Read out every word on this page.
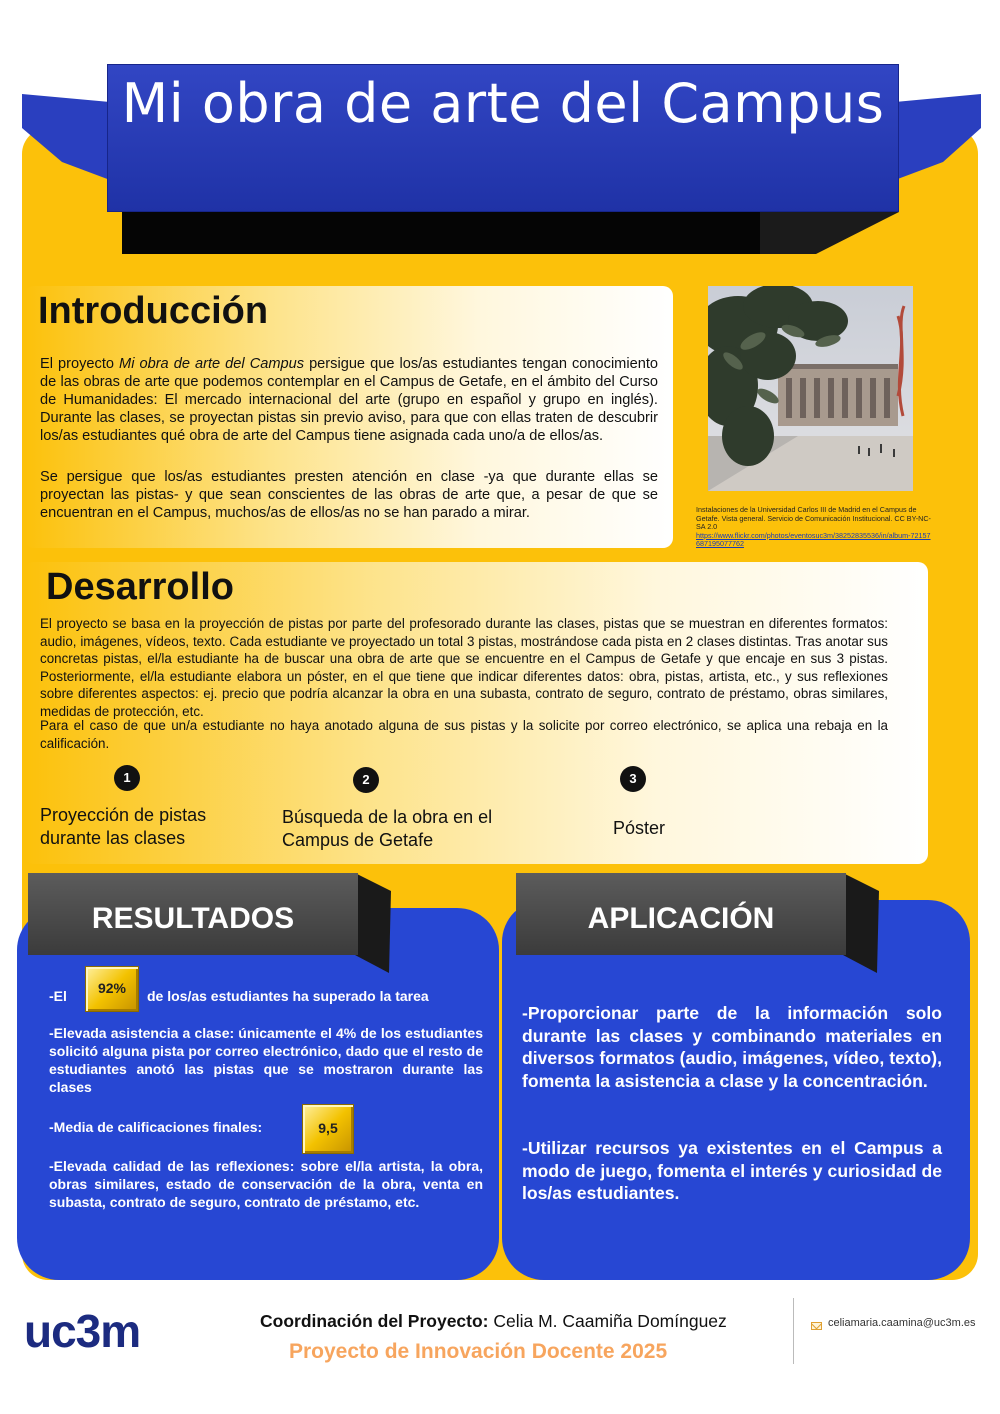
Mi obra de arte del Campus
Introducción

El proyecto Mi obra de arte del Campus persigue que los/as estudiantes tengan conocimiento de las obras de arte que podemos contemplar en el Campus de Getafe, en el ámbito del Curso de Humanidades: El mercado internacional del arte (grupo en español y grupo en inglés). Durante las clases, se proyectan pistas sin previo aviso, para que con ellas traten de descubrir los/as estudiantes qué obra de arte del Campus tiene asignada cada uno/a de ellos/as.

Se persigue que los/as estudiantes presten atención en clase -ya que durante ellas se proyectan las pistas- y que sean conscientes de las obras de arte que, a pesar de que se encuentran en el Campus, muchos/as de ellos/as no se han parado a mirar.	Instalaciones de la Universidad Carlos III de Madrid en el Campus de Getafe. Vista general. Servicio de Comunicación Institucional. CC BY-NC-SA 2.0
https://www.flickr.com/photos/eventosuc3m/38252835536/in/album-72157687195077762

Desarrollo

El proyecto se basa en la proyección de pistas por parte del profesorado durante las clases, pistas que se muestran en diferentes formatos: audio, imágenes, vídeos, texto. Cada estudiante ve proyectado un total 3 pistas, mostrándose cada pista en 2 clases distintas. Tras anotar sus concretas pistas, el/la estudiante ha de buscar una obra de arte que se encuentre en el Campus de Getafe y que encaje en sus 3 pistas. Posteriormente, el/la estudiante elabora un póster, en el que tiene que indicar diferentes datos: obra, pistas, artista, etc., y sus reflexiones sobre diferentes aspectos: ej. precio que podría alcanzar la obra en una subasta, contrato de seguro, contrato de préstamo, obras similares, medidas de protección, etc.

Para el caso de que un/a estudiante no haya anotado alguna de sus pistas y la solicite por correo electrónico, se aplica una rebaja en la calificación.

1

Proyección de pistas
durante las clases

2

Búsqueda de la obra en el
Campus de Getafe

3

Póster

RESULTADOS

-El	92%	de los/as estudiantes ha superado la tarea

-Elevada asistencia a clase: únicamente el 4% de los estudiantes solicitó alguna pista por correo electrónico, dado que el resto de estudiantes anotó las pistas que se mostraron durante las clases

-Media de calificaciones finales:	9,5

-Elevada calidad de las reflexiones: sobre el/la artista, la obra, obras similares, estado de conservación de la obra, venta en subasta, contrato de seguro, contrato de préstamo, etc.

APLICACIÓN

-Proporcionar parte de la información solo durante las clases y combinando materiales en diversos formatos (audio, imágenes, vídeo, texto), fomenta la asistencia a clase y la concentración.

-Utilizar recursos ya existentes en el Campus a modo de juego, fomenta el interés y curiosidad de los/as estudiantes.

uc3m	Coordinación del Proyecto: Celia M. Caamiña Domínguez

Proyecto de Innovación Docente 2025

celiamaria.caamina@uc3m.es
